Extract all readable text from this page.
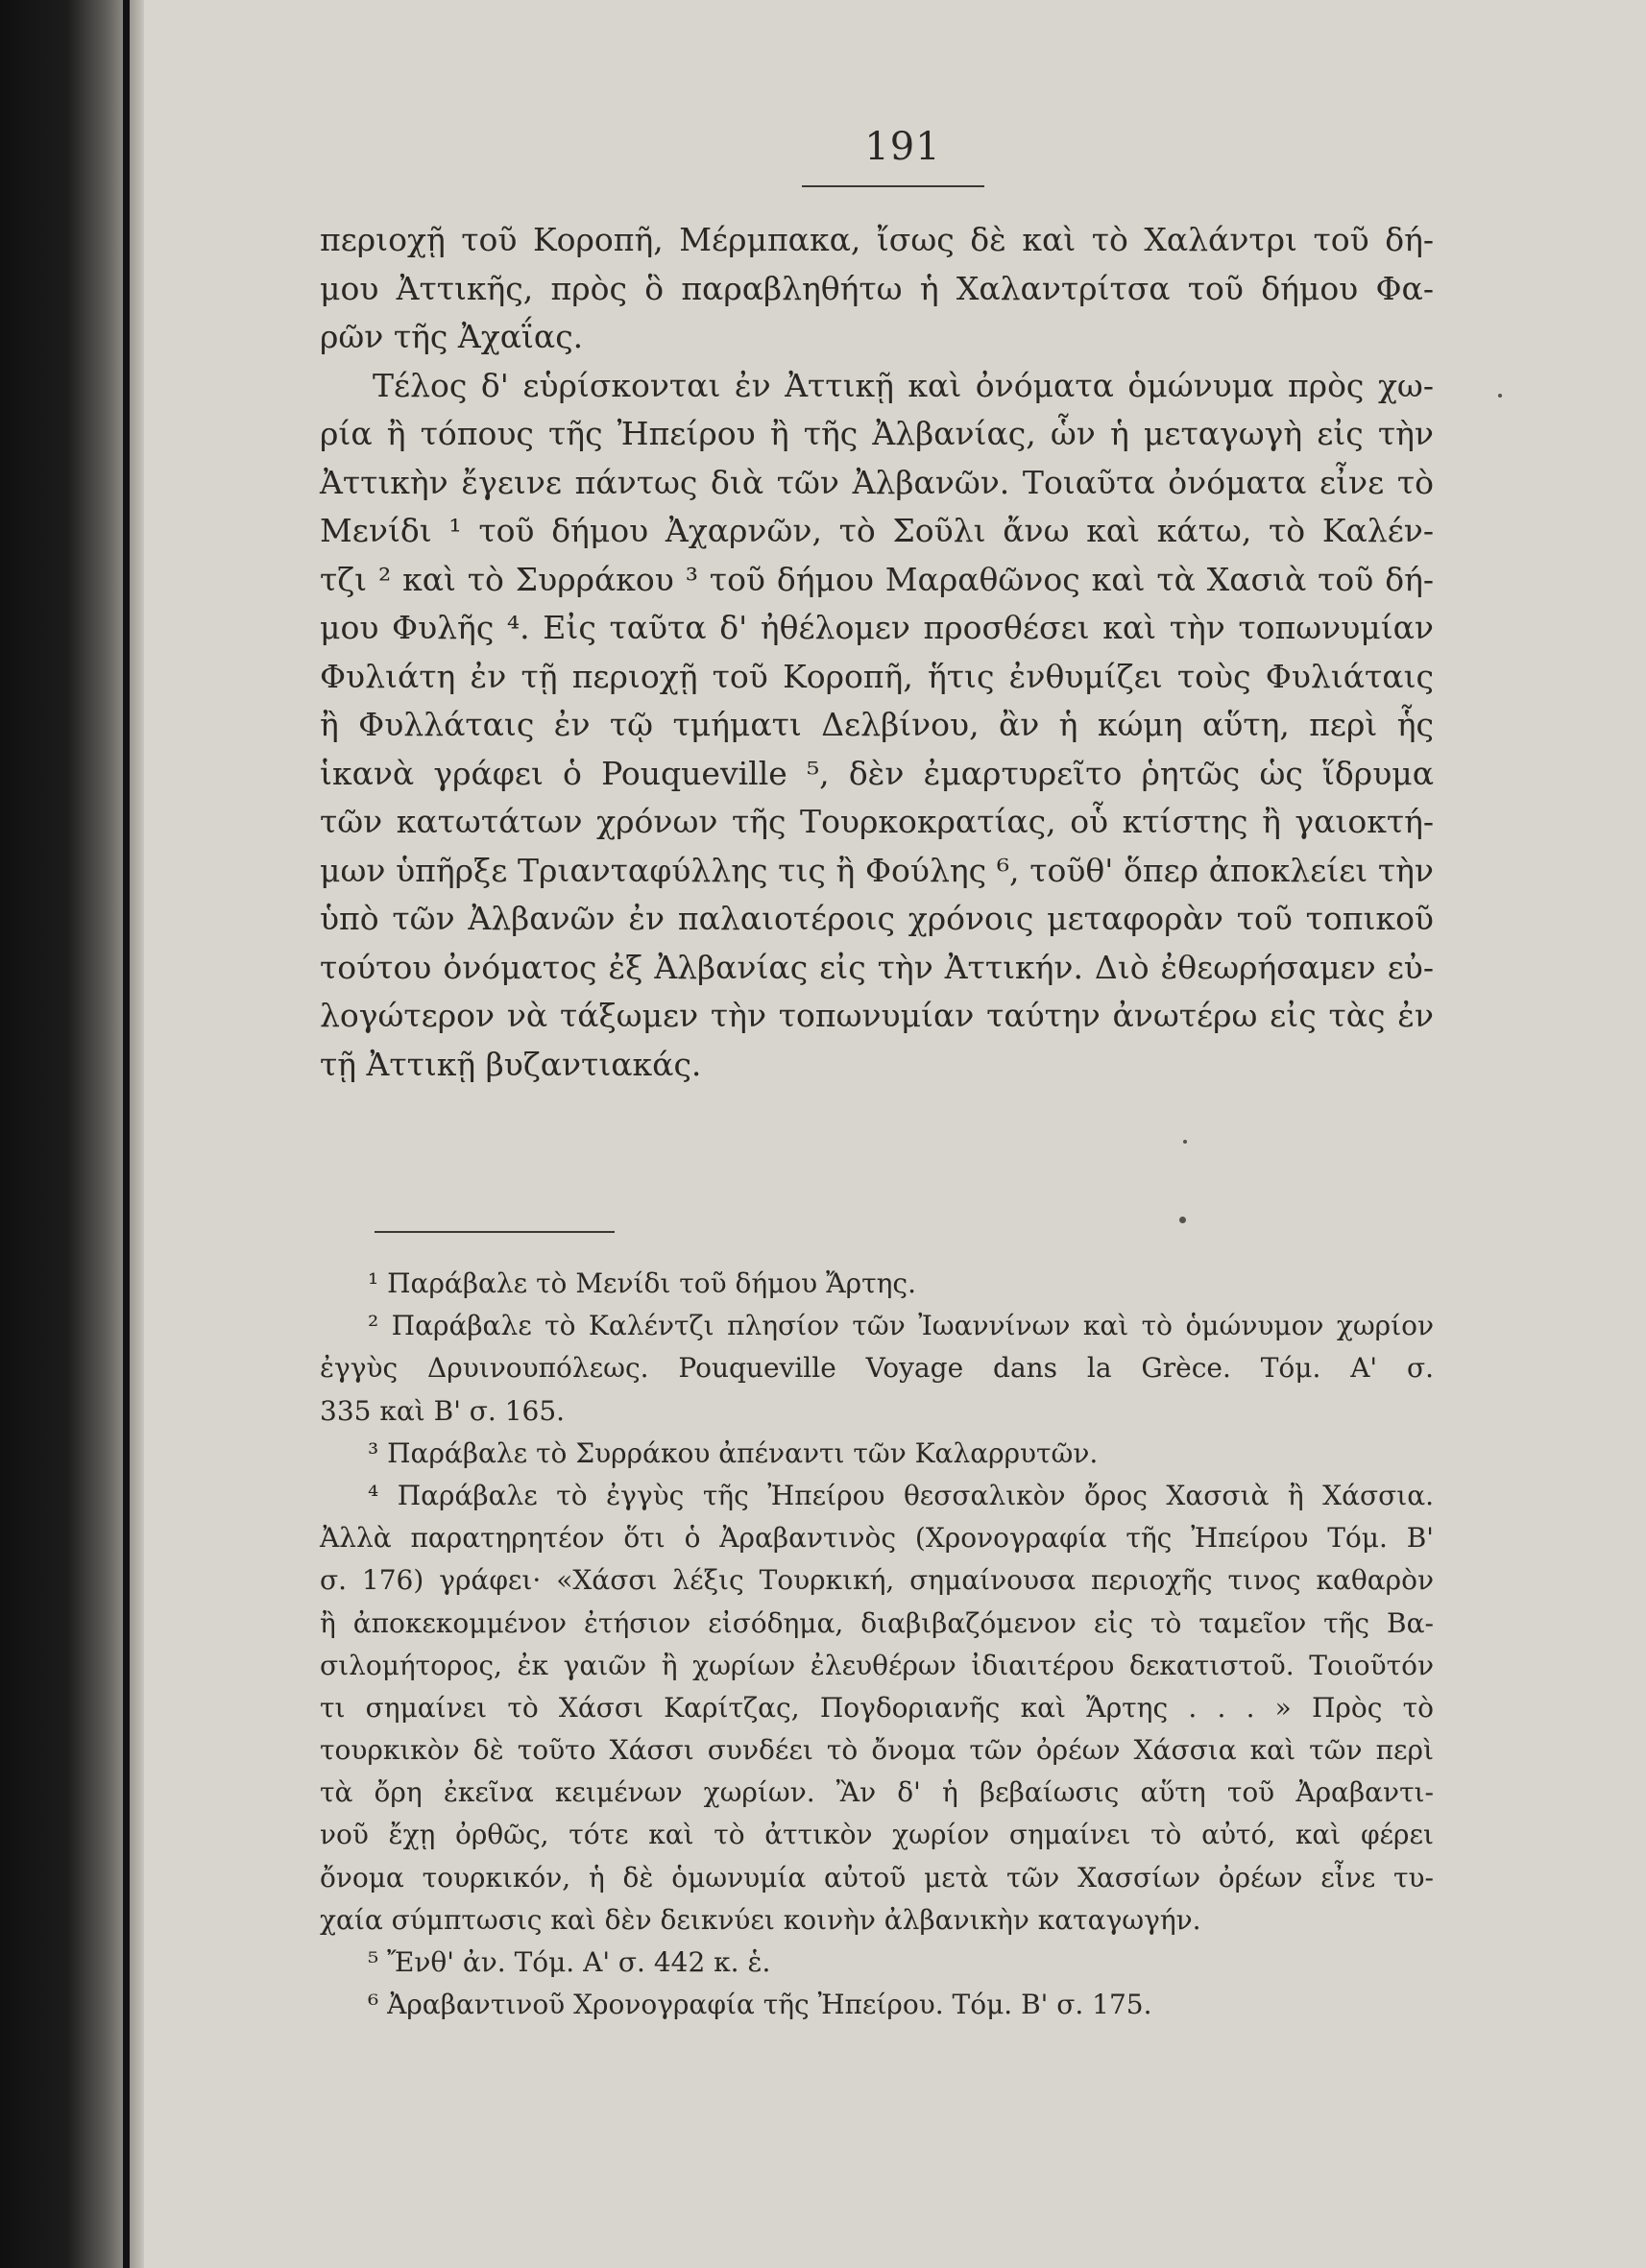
191
περιοχῇ τοῦ Κοροπῆ, Μέρμπακα, ἴσως δὲ καὶ τὸ Χαλάντρι τοῦ δή-
μου Ἀττικῆς, πρὸς ὃ παραβληθήτω ἡ Χαλαντρίτσα τοῦ δήμου Φα-
ρῶν τῆς Ἀχαΐας.
Τέλος δ' εὑρίσκονται ἐν Ἀττικῇ καὶ ὀνόματα ὁμώνυμα πρὸς χω-
ρία ἢ τόπους τῆς Ἠπείρου ἢ τῆς Ἀλβανίας, ὧν ἡ μεταγωγὴ εἰς τὴν
Ἀττικὴν ἔγεινε πάντως διὰ τῶν Ἀλβανῶν. Τοιαῦτα ὀνόματα εἶνε τὸ
Μενίδι ¹ τοῦ δήμου Ἀχαρνῶν, τὸ Σοῦλι ἄνω καὶ κάτω, τὸ Καλέν-
τζι ² καὶ τὸ Συρράκου ³ τοῦ δήμου Μαραθῶνος καὶ τὰ Χασιὰ τοῦ δή-
μου Φυλῆς ⁴. Εἰς ταῦτα δ' ἠθέλομεν προσθέσει καὶ τὴν τοπωνυμίαν
Φυλιάτη ἐν τῇ περιοχῇ τοῦ Κοροπῆ, ἥτις ἐνθυμίζει τοὺς Φυλιάταις
ἢ Φυλλάταις ἐν τῷ τμήματι Δελβίνου, ἂν ἡ κώμη αὕτη, περὶ ἧς
ἱκανὰ γράφει ὁ Pouqueville ⁵, δὲν ἐμαρτυρεῖτο ῥητῶς ὡς ἵδρυμα
τῶν κατωτάτων χρόνων τῆς Τουρκοκρατίας, οὗ κτίστης ἢ γαιοκτή-
μων ὑπῆρξε Τριανταφύλλης τις ἢ Φούλης ⁶, τοῦθ' ὅπερ ἀποκλείει τὴν
ὑπὸ τῶν Ἀλβανῶν ἐν παλαιοτέροις χρόνοις μεταφορὰν τοῦ τοπικοῦ
τούτου ὀνόματος ἐξ Ἀλβανίας εἰς τὴν Ἀττικήν. Διὸ ἐθεωρήσαμεν εὐ-
λογώτερον νὰ τάξωμεν τὴν τοπωνυμίαν ταύτην ἀνωτέρω εἰς τὰς ἐν
τῇ Ἀττικῇ βυζαντιακάς.
¹ Παράβαλε τὸ Μενίδι τοῦ δήμου Ἄρτης.
² Παράβαλε τὸ Καλέντζι πλησίον τῶν Ἰωαννίνων καὶ τὸ ὁμώνυμον χωρίον
ἐγγὺς Δρυινουπόλεως. Pouqueville Voyage dans la Grèce. Τόμ. Α' σ.
335 καὶ Β' σ. 165.
³ Παράβαλε τὸ Συρράκου ἀπέναντι τῶν Καλαρρυτῶν.
⁴ Παράβαλε τὸ ἐγγὺς τῆς Ἠπείρου θεσσαλικὸν ὄρος Χασσιὰ ἢ Χάσσια.
Ἀλλὰ παρατηρητέον ὅτι ὁ Ἀραβαντινὸς (Χρονογραφία τῆς Ἠπείρου Τόμ. Β'
σ. 176) γράφει· «Χάσσι λέξις Τουρκική, σημαίνουσα περιοχῆς τινος καθαρὸν
ἢ ἀποκεκομμένον ἐτήσιον εἰσόδημα, διαβιβαζόμενον εἰς τὸ ταμεῖον τῆς Βα-
σιλομήτορος, ἐκ γαιῶν ἢ χωρίων ἐλευθέρων ἰδιαιτέρου δεκατιστοῦ. Τοιοῦτόν
τι σημαίνει τὸ Χάσσι Καρίτζας, Πογδοριανῆς καὶ Ἄρτης . . . » Πρὸς τὸ
τουρκικὸν δὲ τοῦτο Χάσσι συνδέει τὸ ὄνομα τῶν ὀρέων Χάσσια καὶ τῶν περὶ
τὰ ὄρη ἐκεῖνα κειμένων χωρίων. Ἂν δ' ἡ βεβαίωσις αὕτη τοῦ Ἀραβαντι-
νοῦ ἔχῃ ὀρθῶς, τότε καὶ τὸ ἀττικὸν χωρίον σημαίνει τὸ αὐτό, καὶ φέρει
ὄνομα τουρκικόν, ἡ δὲ ὁμωνυμία αὐτοῦ μετὰ τῶν Χασσίων ὀρέων εἶνε τυ-
χαία σύμπτωσις καὶ δὲν δεικνύει κοινὴν ἀλβανικὴν καταγωγήν.
⁵ Ἔνθ' ἀν. Τόμ. Α' σ. 442 κ. ἑ.
⁶ Ἀραβαντινοῦ Χρονογραφία τῆς Ἠπείρου. Τόμ. Β' σ. 175.
